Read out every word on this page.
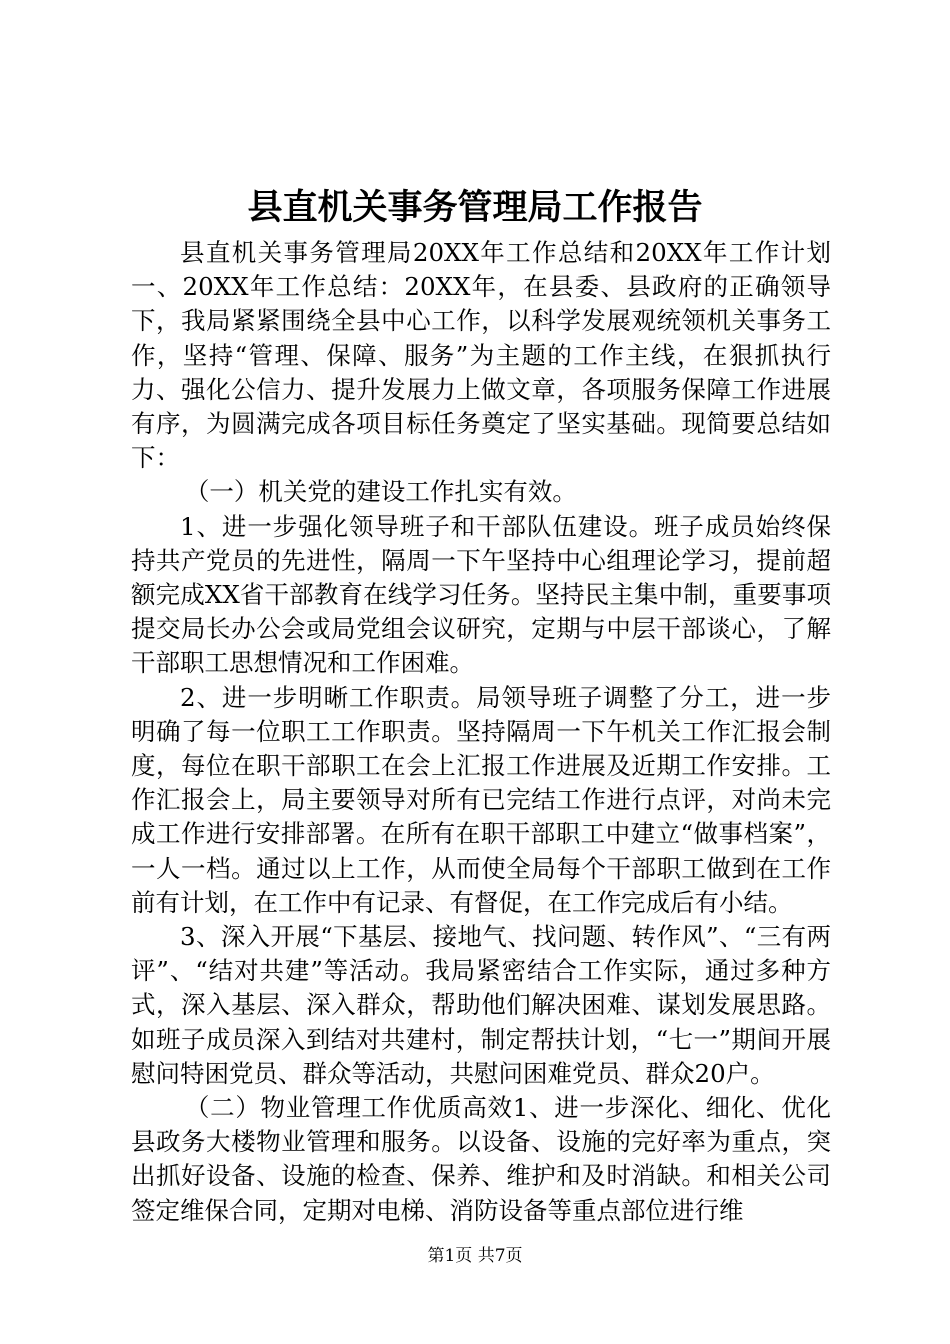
县直机关事务管理局工作报告

县直机关事务管理局20XX年工作总结和20XX年工作计划一、20XX年工作总结：20XX年，在县委、县政府的正确领导下，我局紧紧围绕全县中心工作，以科学发展观统领机关事务工作，坚持“管理、保障、服务”为主题的工作主线，在狠抓执行力、强化公信力、提升发展力上做文章，各项服务保障工作进展有序，为圆满完成各项目标任务奠定了坚实基础。现简要总结如下：

（一）机关党的建设工作扎实有效。

1、进一步强化领导班子和干部队伍建设。班子成员始终保持共产党员的先进性，隔周一下午坚持中心组理论学习，提前超额完成XX省干部教育在线学习任务。坚持民主集中制，重要事项提交局长办公会或局党组会议研究，定期与中层干部谈心，了解干部职工思想情况和工作困难。

2、进一步明晰工作职责。局领导班子调整了分工，进一步明确了每一位职工工作职责。坚持隔周一下午机关工作汇报会制度，每位在职干部职工在会上汇报工作进展及近期工作安排。工作汇报会上，局主要领导对所有已完结工作进行点评，对尚未完成工作进行安排部署。在所有在职干部职工中建立“做事档案”，一人一档。通过以上工作，从而使全局每个干部职工做到在工作前有计划，在工作中有记录、有督促，在工作完成后有小结。

3、深入开展“下基层、接地气、找问题、转作风”、“三有两评”、“结对共建”等活动。我局紧密结合工作实际，通过多种方式，深入基层、深入群众，帮助他们解决困难、谋划发展思路。如班子成员深入到结对共建村，制定帮扶计划，“七一”期间开展慰问特困党员、群众等活动，共慰问困难党员、群众20户。

（二）物业管理工作优质高效1、进一步深化、细化、优化县政务大楼物业管理和服务。以设备、设施的完好率为重点，突出抓好设备、设施的检查、保养、维护和及时消缺。和相关公司签定维保合同，定期对电梯、消防设备等重点部位进行维

第1页 共7页
